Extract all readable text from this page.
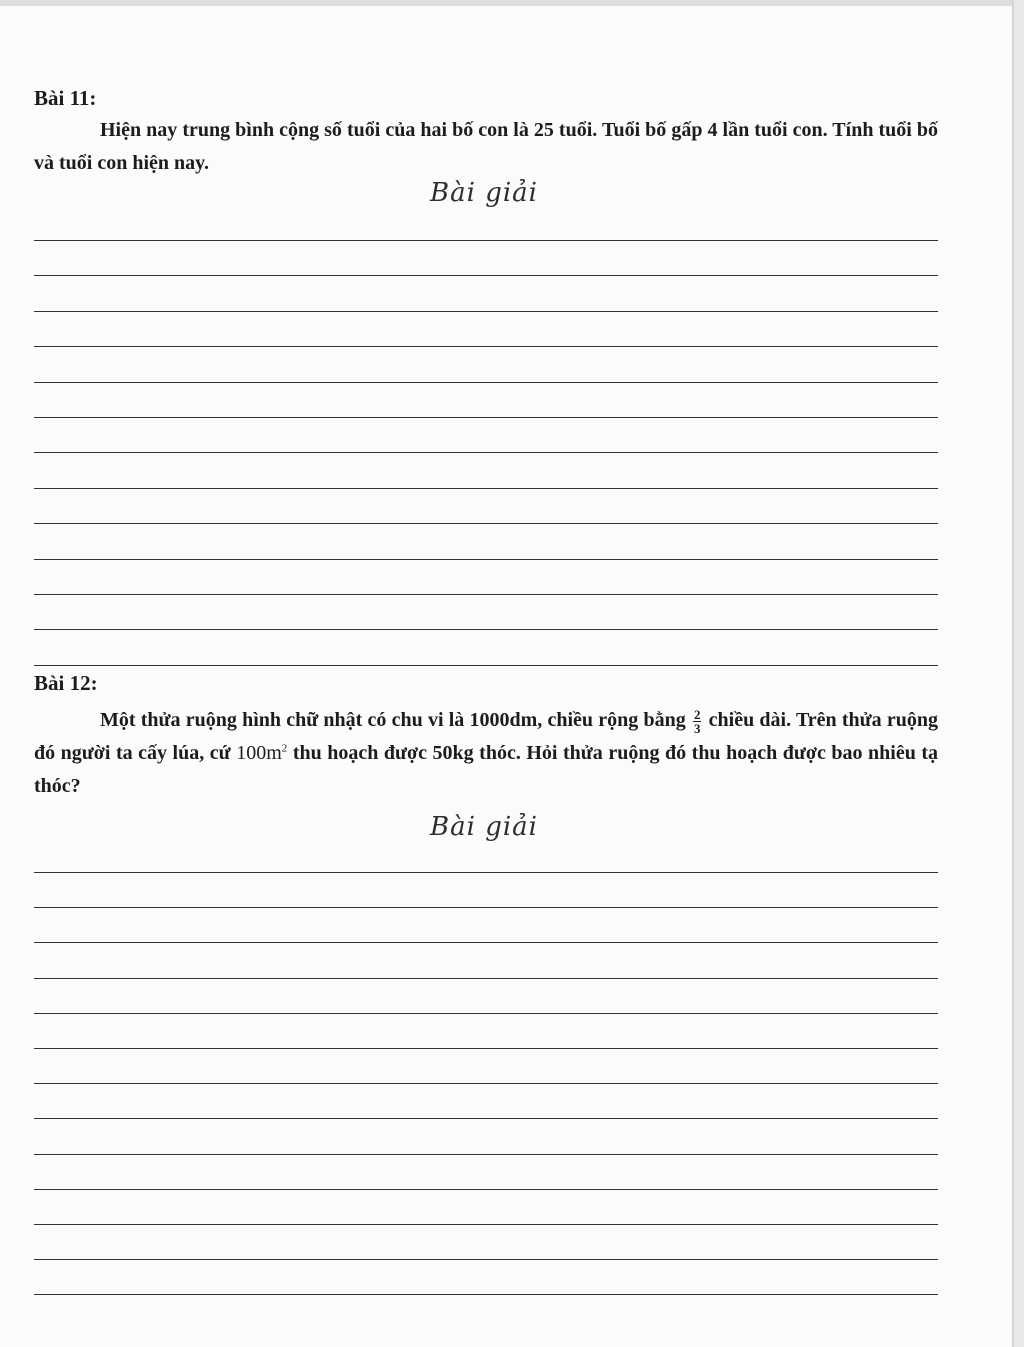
Bài 11:
Hiện nay trung bình cộng số tuổi của hai bố con là 25 tuổi. Tuổi bố gấp 4 lần tuổi con. Tính tuổi bố và tuổi con hiện nay.
Bài giải
Bài 12:
Một thửa ruộng hình chữ nhật có chu vi là 1000dm, chiều rộng bằng $\frac{2}{3}$ chiều dài. Trên thửa ruộng đó người ta cấy lúa, cứ $100m^2$ thu hoạch được 50kg thóc. Hỏi thửa ruộng đó thu hoạch được bao nhiêu tạ thóc?
Bài giải
